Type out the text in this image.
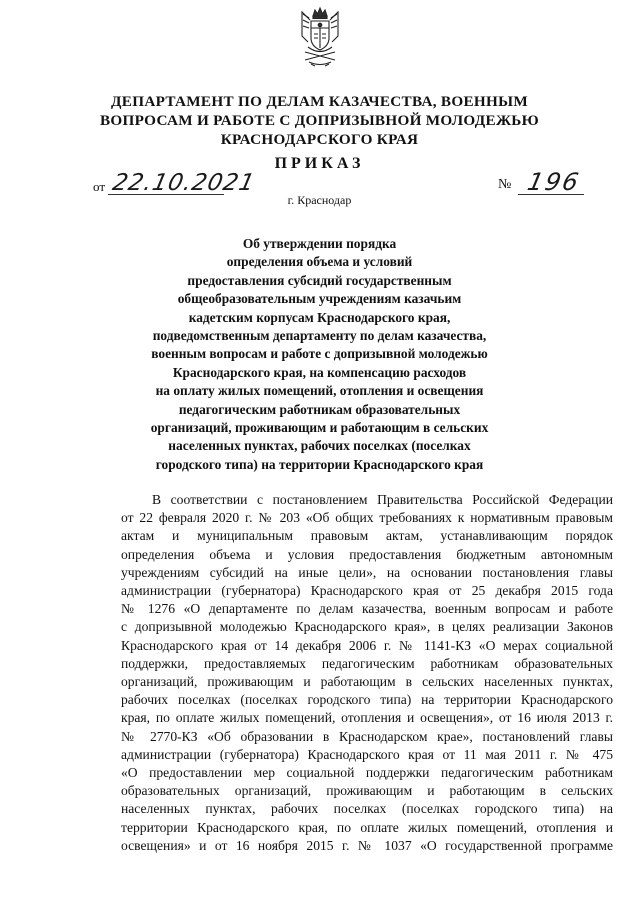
ДЕПАРТАМЕНТ ПО ДЕЛАМ КАЗАЧЕСТВА, ВОЕННЫМ
ВОПРОСАМ И РАБОТЕ С ДОПРИЗЫВНОЙ МОЛОДЕЖЬЮ
КРАСНОДАРСКОГО КРАЯ
ПРИКАЗ
от 22.10.2021	№ 196
г. Краснодар
Об утверждении порядка
определения объема и условий
предоставления субсидий государственным
общеобразовательным учреждениям казачьим
кадетским корпусам Краснодарского края,
подведомственным департаменту по делам казачества,
военным вопросам и работе с допризывной молодежью
Краснодарского края, на компенсацию расходов
на оплату жилых помещений, отопления и освещения
педагогическим работникам образовательных
организаций, проживающим и работающим в сельских
населенных пунктах, рабочих поселках (поселках
городского типа) на территории Краснодарского края
В соответствии с постановлением Правительства Российской Федерации
от 22 февраля 2020 г. № 203 «Об общих требованиях к нормативным правовым
актам и муниципальным правовым актам, устанавливающим порядок
определения объема и условия предоставления бюджетным автономным
учреждениям субсидий на иные цели», на основании постановления главы
администрации (губернатора) Краснодарского края от 25 декабря 2015 года
№ 1276 «О департаменте по делам казачества, военным вопросам и работе
с допризывной молодежью Краснодарского края», в целях реализации Законов
Краснодарского края от 14 декабря 2006 г. № 1141-КЗ «О мерах социальной
поддержки, предоставляемых педагогическим работникам образовательных
организаций, проживающим и работающим в сельских населенных пунктах,
рабочих поселках (поселках городского типа) на территории Краснодарского
края, по оплате жилых помещений, отопления и освещения», от 16 июля 2013 г.
№ 2770-КЗ «Об образовании в Краснодарском крае», постановлений главы
администрации (губернатора) Краснодарского края от 11 мая 2011 г. № 475
«О предоставлении мер социальной поддержки педагогическим работникам
образовательных организаций, проживающим и работающим в сельских
населенных пунктах, рабочих поселках (поселках городского типа) на
территории Краснодарского края, по оплате жилых помещений, отопления и
освещения» и от 16 ноября 2015 г. № 1037 «О государственной программе
